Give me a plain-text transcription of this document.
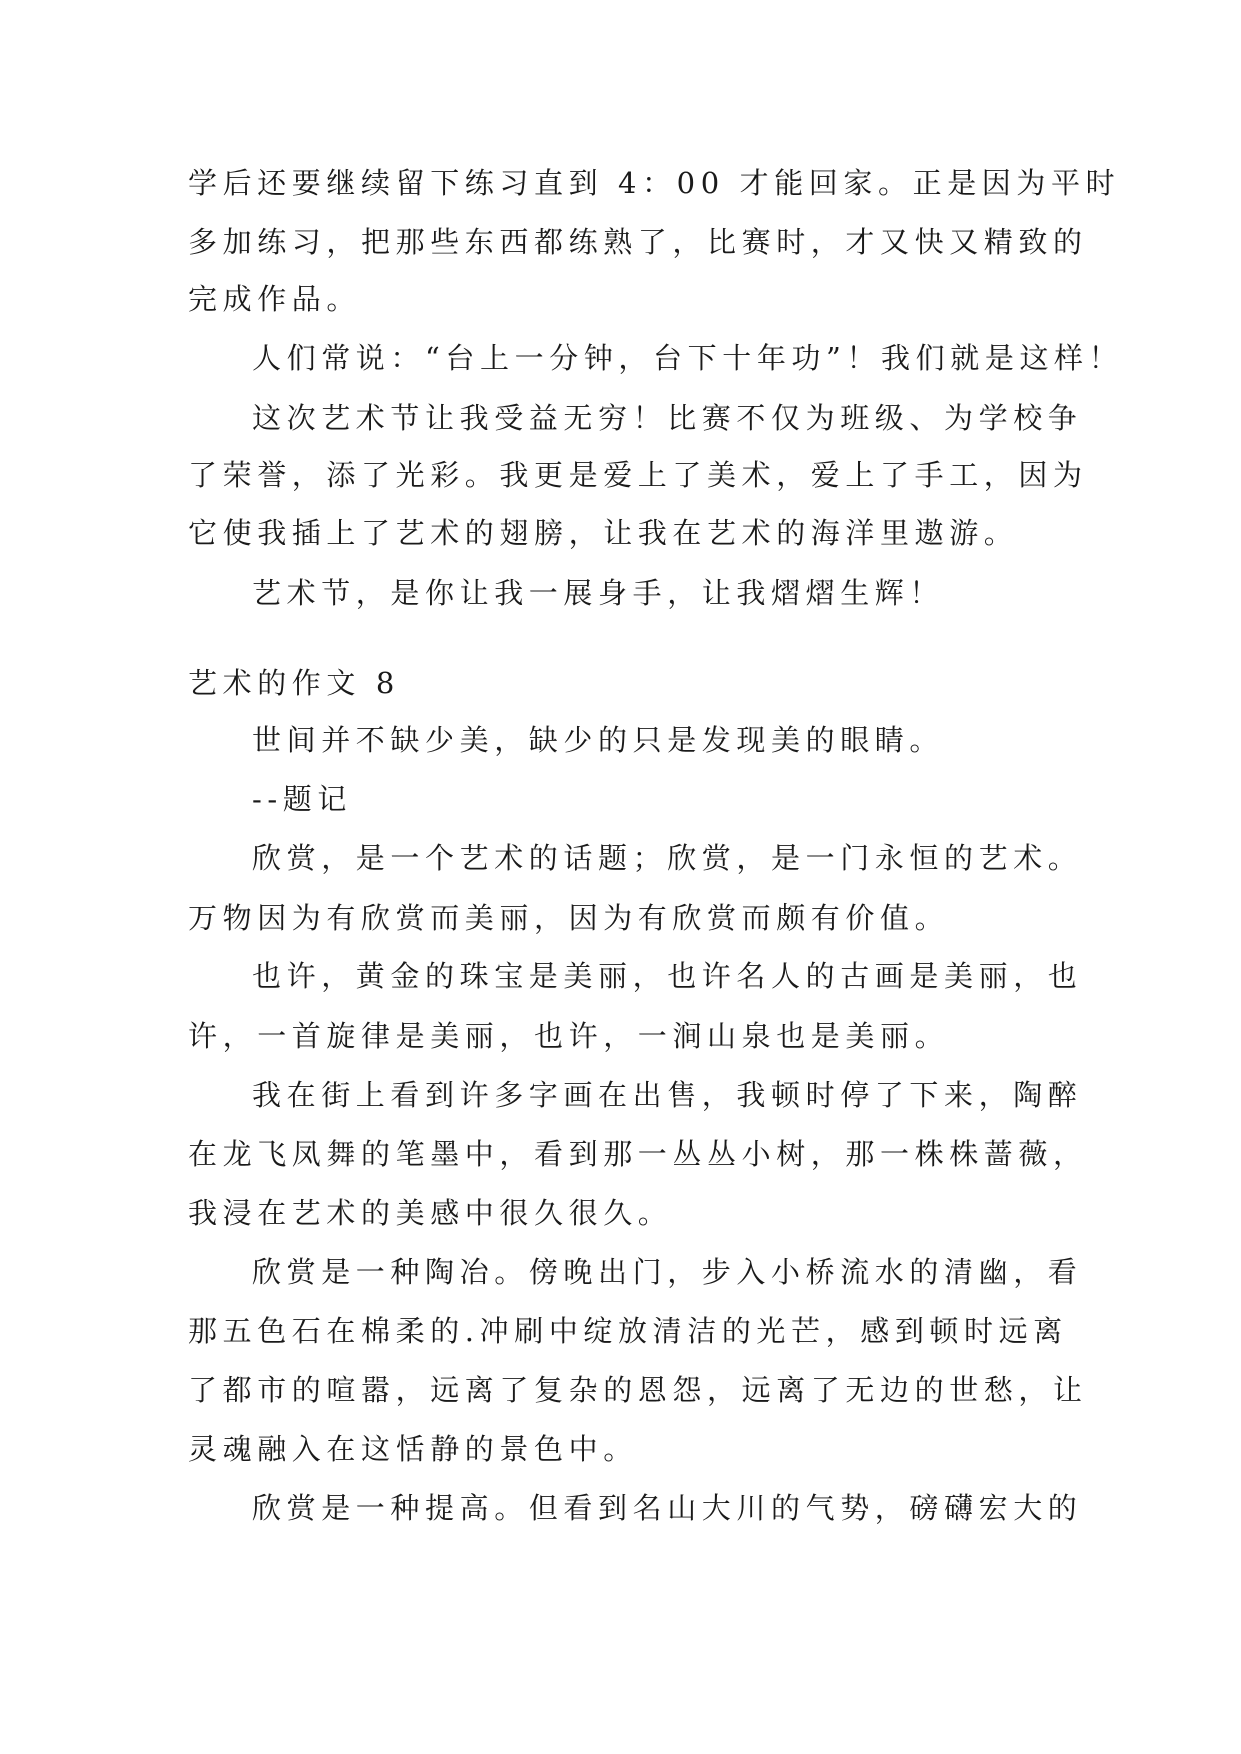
学后还要继续留下练习直到 4：00 才能回家。正是因为平时
多加练习，把那些东西都练熟了，比赛时，才又快又精致的
完成作品。
人们常说：“台上一分钟，台下十年功”！我们就是这样！
这次艺术节让我受益无穷！比赛不仅为班级、为学校争
了荣誉，添了光彩。我更是爱上了美术，爱上了手工，因为
它使我插上了艺术的翅膀，让我在艺术的海洋里遨游。
艺术节，是你让我一展身手，让我熠熠生辉！
艺术的作文 8
世间并不缺少美，缺少的只是发现美的眼睛。
--题记
欣赏，是一个艺术的话题；欣赏，是一门永恒的艺术。
万物因为有欣赏而美丽，因为有欣赏而颇有价值。
也许，黄金的珠宝是美丽，也许名人的古画是美丽，也
许，一首旋律是美丽，也许，一涧山泉也是美丽。
我在街上看到许多字画在出售，我顿时停了下来，陶醉
在龙飞凤舞的笔墨中，看到那一丛丛小树，那一株株蔷薇，
我浸在艺术的美感中很久很久。
欣赏是一种陶冶。傍晚出门，步入小桥流水的清幽，看
那五色石在棉柔的.冲刷中绽放清洁的光芒，感到顿时远离
了都市的喧嚣，远离了复杂的恩怨，远离了无边的世愁，让
灵魂融入在这恬静的景色中。
欣赏是一种提高。但看到名山大川的气势，磅礴宏大的
